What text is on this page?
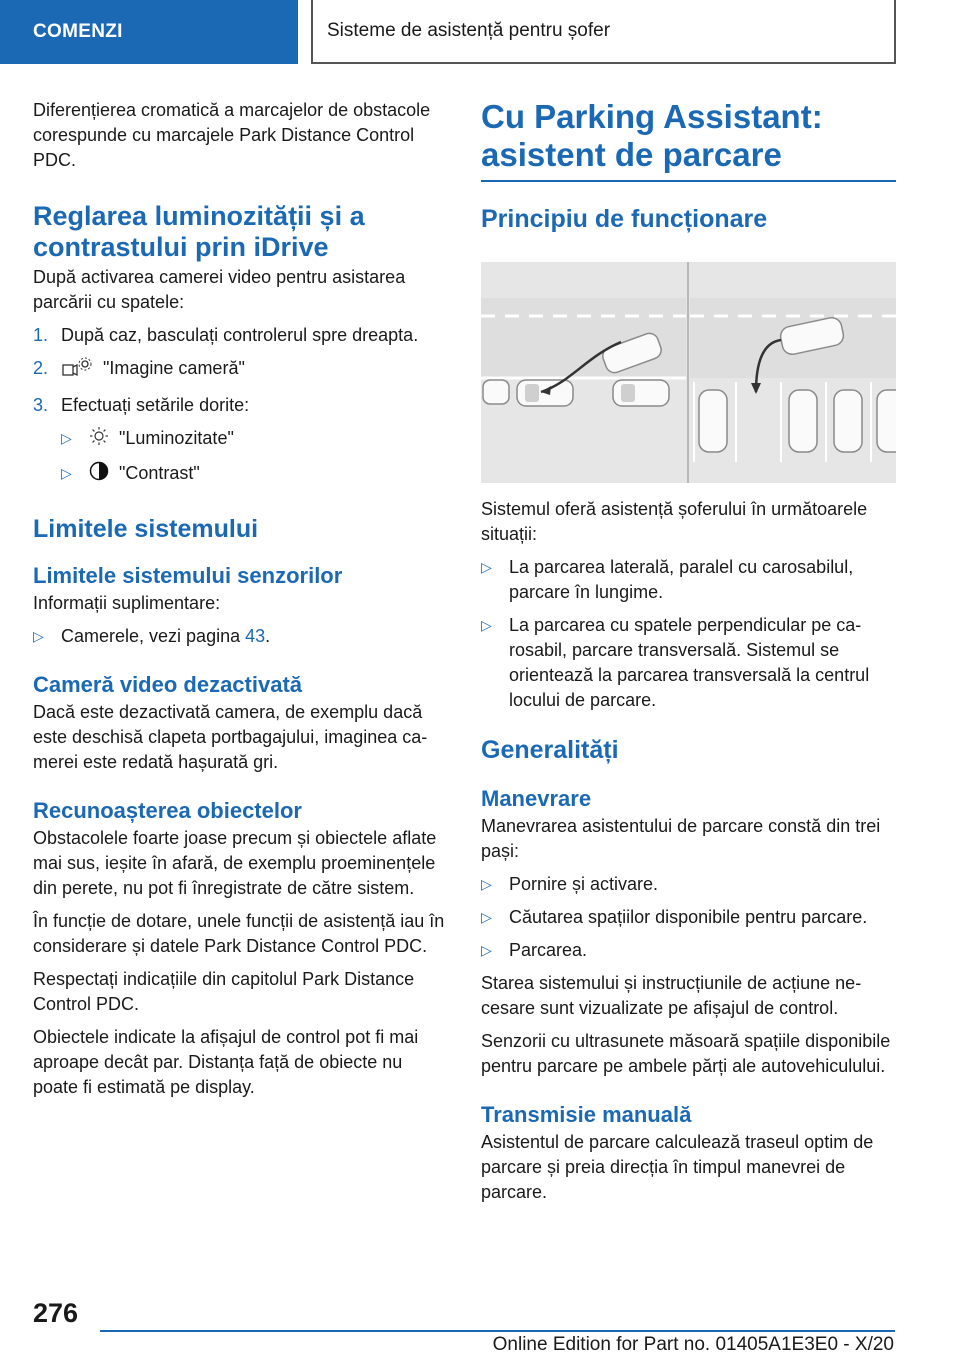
COMENZI	Sisteme de asistență pentru șofer

Diferențierea cromatică a marcajelor de obstacole corespunde cu marcajele Park Distance Control PDC.

Reglarea luminozității și a contrastului prin iDrive

După activarea camerei video pentru asistarea parcării cu spatele:

1. După caz, basculați controlerul spre dreapta.
2.	"Imagine cameră"
3. Efectuați setările dorite:
▷	"Luminozitate"
▷	"Contrast"
Limitele sistemului
Limitele sistemului senzorilor

Informații suplimentare:

▷ Camerele, vezi pagina 43.
Cameră video dezactivată

Dacă este dezactivată camera, de exemplu dacă este deschisă clapeta portbagajului, imaginea camerei este redată hașurată gri.

Recunoașterea obiectelor

Obstacolele foarte joase precum și obiectele aflate mai sus, ieșite în afară, de exemplu proeminențele din perete, nu pot fi înregistrate de către sistem.

În funcție de dotare, unele funcții de asistență iau în considerare și datele Park Distance Control PDC.

Respectați indicațiile din capitolul Park Distance Control PDC.

Obiectele indicate la afișajul de control pot fi mai aproape decât par. Distanța față de obiecte nu poate fi estimată pe display.

Cu Parking Assistant: asistent de parcare
Principiu de funcționare

Sistemul oferă asistență șoferului în următoarele situații:

▷ La parcarea laterală, paralel cu carosabilul, parcare în lungime.
▷ La parcarea cu spatele perpendicular pe carosabil, parcare transversală. Sistemul se orientează la parcarea transversală la centrul locului de parcare.
Generalități
Manevrare

Manevrarea asistentului de parcare constă din trei pași:

▷ Pornire și activare.
▷ Căutarea spațiilor disponibile pentru parcare.
▷ Parcarea.

Starea sistemului și instrucțiunile de acțiune necesare sunt vizualizate pe afișajul de control.

Senzorii cu ultrasunete măsoară spațiile disponibile pentru parcare pe ambele părți ale autovehiculului.

Transmisie manuală

Asistentul de parcare calculează traseul optim de parcare și preia direcția în timpul manevrei de parcare.

276
Online Edition for Part no. 01405A1E3E0 - X/20
